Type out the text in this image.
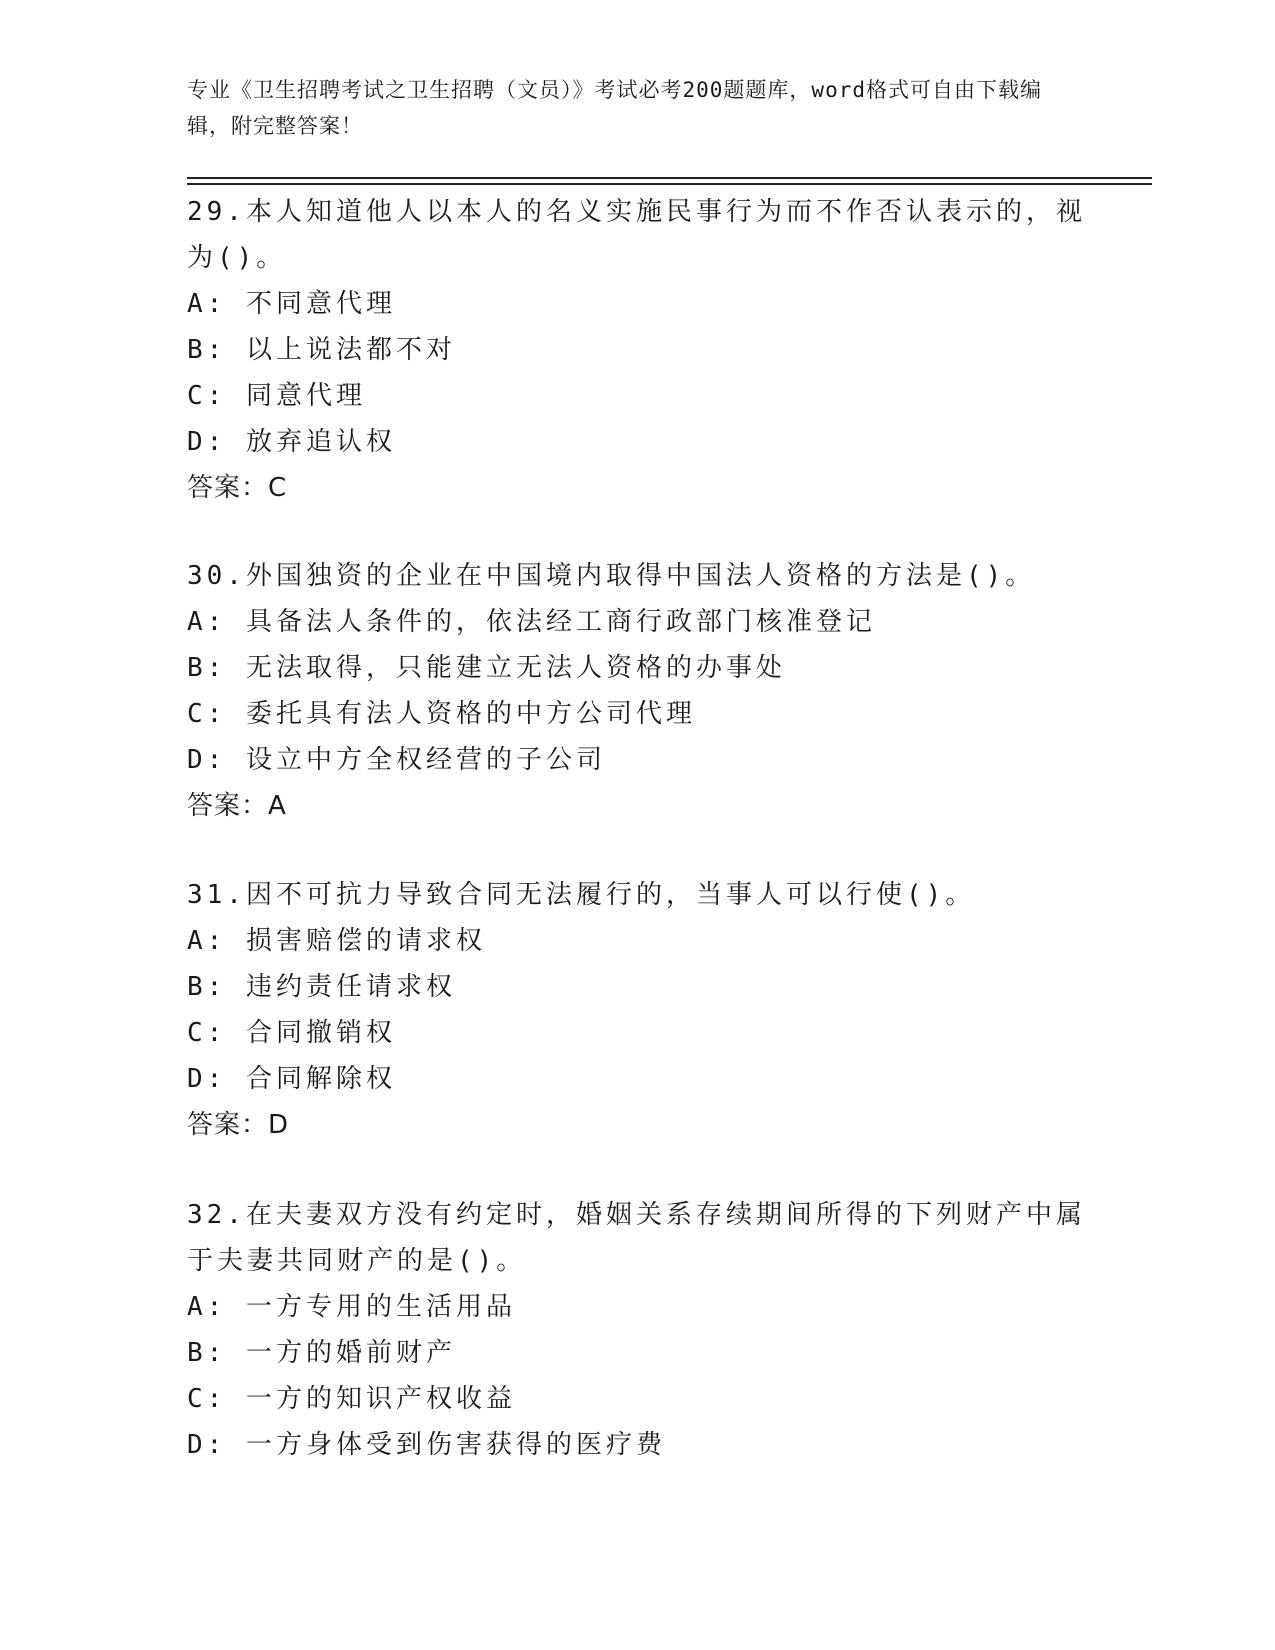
专业《卫生招聘考试之卫生招聘（文员）》考试必考200题题库，word格式可自由下载编辑，附完整答案！
29.本人知道他人以本人的名义实施民事行为而不作否认表示的，视为()。
A: 不同意代理
B: 以上说法都不对
C: 同意代理
D: 放弃追认权
答案：C
30.外国独资的企业在中国境内取得中国法人资格的方法是()。
A: 具备法人条件的，依法经工商行政部门核准登记
B: 无法取得，只能建立无法人资格的办事处
C: 委托具有法人资格的中方公司代理
D: 设立中方全权经营的子公司
答案：A
31.因不可抗力导致合同无法履行的，当事人可以行使()。
A: 损害赔偿的请求权
B: 违约责任请求权
C: 合同撤销权
D: 合同解除权
答案：D
32.在夫妻双方没有约定时，婚姻关系存续期间所得的下列财产中属于夫妻共同财产的是()。
A: 一方专用的生活用品
B: 一方的婚前财产
C: 一方的知识产权收益
D: 一方身体受到伤害获得的医疗费
